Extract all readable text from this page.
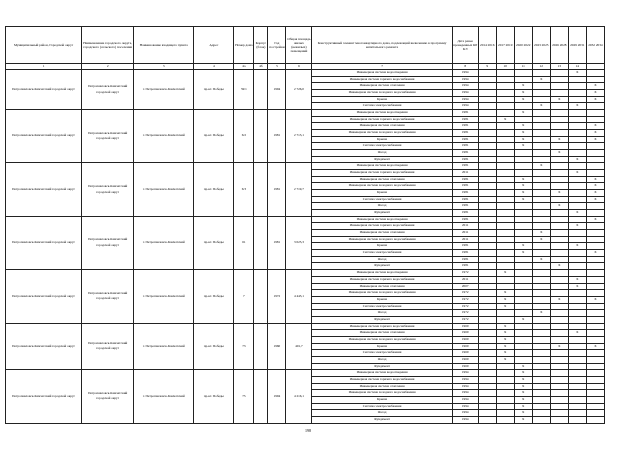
Муниципальный район, Городской округ	Наименование городского округа, городского (сельского) поселения	Наименование входящего пункта	Адрес	Номер дома	Корпус (блок)	Год постройки	Общая площадь жилых (нежилых) помещений	Конструктивный элемент многоквартирного дома, подлежащий включению в программу капитального ремонта	Дата ранее проведенных КР КЭ	2014 2016	2017 2019	2020 2022	2023 2025	2026 2028	2029 2031	2032 2034
1	2	3	4	4а	4б	5	6	7	8	9	10	11	12	13	14	
Петропавловск-Камчатский городской округ	Петропавловск-Камчатский городской округ	г. Петропавловск-Камчатский	пр-кт. Победы	59/1		1994	2 726,0	Инженерная система водоотведения	1994						X	
								Инженерная система горячего водоснабжения	1994				X			
								Инженерная система отопления	1994			X				X
								Инженерная система холодного водоснабжения	1994			X				X
								Крыша	1994			X		X		X
								Система электроснабжения	1994				X		X	
Петропавловск-Камчатский городской округ	Петропавловск-Камчатский городской округ	г. Петропавловск-Камчатский	пр-кт. Победы	6/2		1981	2 713,1	Инженерная система водоотведения	1981			X				
								Инженерная система горячего водоснабжения	1981		X					
								Инженерная система отопления	1981			X				X
								Инженерная система холодного водоснабжения	1981			X				X
								Крыша	1981			X		X		X
								Система электроснабжения	1981			X				
								Фасад	1981					X		
								Фундамент	1981						X	
Петропавловск-Камчатский городской округ	Петропавловск-Камчатский городской округ	г. Петропавловск-Камчатский	пр-кт. Победы	6/3		1981	2 719,7	Инженерная система водоотведения	1981				X			
								Инженерная система горячего водоснабжения	2011						X	
								Инженерная система отопления	1981			X				X
								Инженерная система холодного водоснабжения	1981			X				X
								Крыша	1981			X		X		X
								Система электроснабжения	1981			X				X
								Фасад	1981					X		
								Фундамент	1981						X	
Петропавловск-Камчатский городской округ	Петропавловск-Камчатский городской округ	г. Петропавловск-Камчатский	пр-кт. Победы	61		1981	3 025,3	Инженерная система водоотведения	1981							X
								Инженерная система горячего водоснабжения	2011						X	
								Инженерная система отопления	2011				X			
								Инженерная система холодного водоснабжения	2011				X			
								Крыша	1981			X			X	
								Система электроснабжения	1981			X				X
								Фасад	1981				X			
								Фундамент	1981					X		
Петропавловск-Камчатский городской округ	Петропавловск-Камчатский городской округ	г. Петропавловск-Камчатский	пр-кт. Победы	7		1972	4 443,1	Инженерная система водоотведения	1972		X					
								Инженерная система горячего водоснабжения	2011						X	
								Инженерная система отопления	2007						X	
								Инженерная система холодного водоснабжения	1972		X					
								Крыша	1972		X			X		X
								Система электроснабжения	1972		X					
								Фасад	1972				X			
								Фундамент	1972			X				
Петропавловск-Камчатский городской округ	Петропавловск-Камчатский городской округ	г. Петропавловск-Камчатский	пр-кт. Победы	73		1960	401,7	Инженерная система горячего водоснабжения	1960		X					
								Инженерная система отопления	1960		X				X	
								Инженерная система холодного водоснабжения	1960		X					
								Крыша	1960		X			X		X
								Система электроснабжения	1960		X					
								Фасад	1960		X					
								Фундамент	1960			X				
Петропавловск-Камчатский городской округ	Петропавловск-Камчатский городской округ	г. Петропавловск-Камчатский	пр-кт. Победы	75		1994	4 216,1	Инженерная система водоотведения	1994			X				
								Инженерная система горячего водоснабжения	1994			X				
								Инженерная система отопления	1994			X				
								Инженерная система холодного водоснабжения	1994			X				
								Крыша	1994			X				
								Система электроснабжения	1994			X				
								Фасад	1994			X				
								Фундамент	1994			X				
198
